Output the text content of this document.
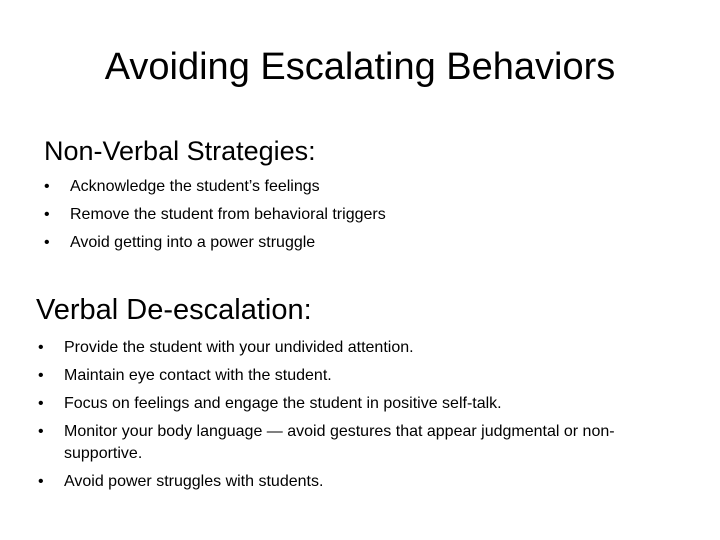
Avoiding Escalating Behaviors
Non-Verbal Strategies:
• Acknowledge the student’s feelings
• Remove the student from behavioral triggers
• Avoid getting into a power struggle
Verbal De-escalation:
• Provide the student with your undivided attention.
• Maintain eye contact with the student.
• Focus on feelings and engage the student in positive self-talk.
• Monitor your body language — avoid gestures that appear judgmental or non-supportive.
• Avoid power struggles with students.
